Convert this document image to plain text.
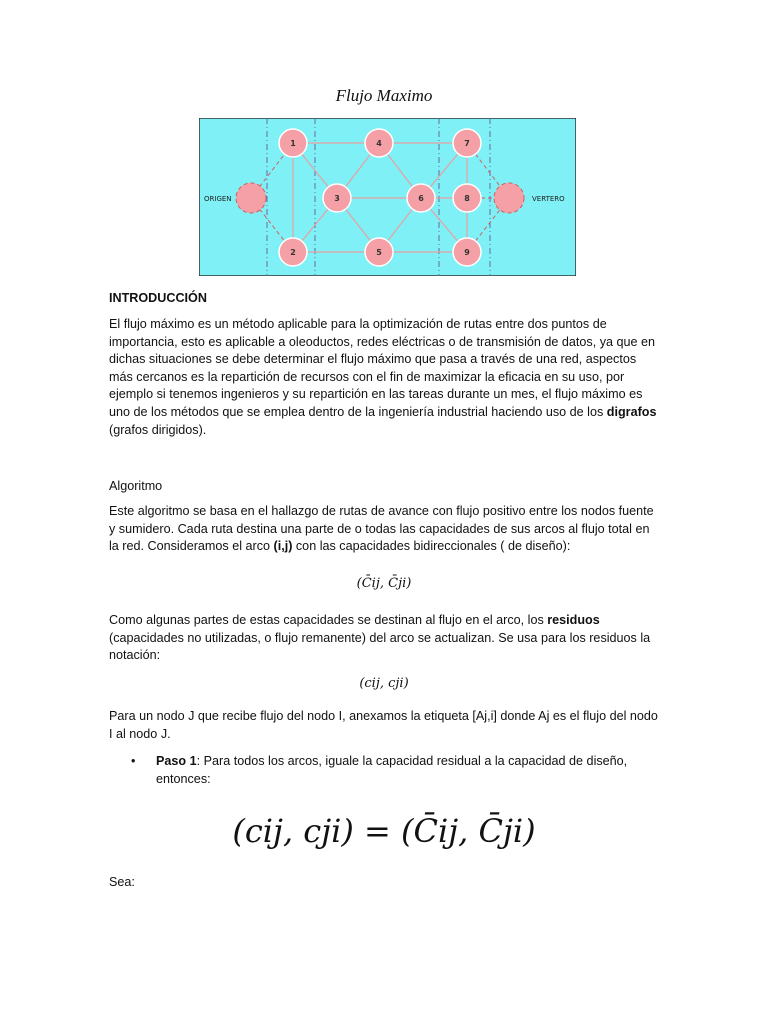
Flujo Maximo
1
2
3
4
5
6
7
8
9
ORIGEN	VERTERO
INTRODUCCIÓN
El flujo máximo es un método aplicable para la optimización de rutas entre dos puntos de importancia, esto es aplicable a oleoductos, redes eléctricas o de transmisión de datos, ya que en dichas situaciones se debe determinar el flujo máximo que pasa a través de una red, aspectos más cercanos es la repartición de recursos con el fin de maximizar la eficacia en su uso, por ejemplo si tenemos ingenieros y su repartición en las tareas durante un mes, el flujo máximo es uno de los métodos que se emplea dentro de la ingeniería industrial haciendo uso de los digrafos (grafos dirigidos).
Algoritmo
Este algoritmo se basa en el hallazgo de rutas de avance con flujo positivo entre los nodos fuente y sumidero. Cada ruta destina una parte de o todas las capacidades de sus arcos al flujo total en la red. Consideramos el arco (i,j) con las capacidades bidireccionales ( de diseño):
(C̄ij, C̄ji)
Como algunas partes de estas capacidades se destinan al flujo en el arco, los residuos (capacidades no utilizadas, o flujo remanente) del arco se actualizan. Se usa para los residuos la notación:
(cij, cji)
Para un nodo J que recibe flujo del nodo I, anexamos la etiqueta [Aj,i] donde Aj es el flujo del nodo I al nodo J.
•	Paso 1: Para todos los arcos, iguale la capacidad residual a la capacidad de diseño, entonces:
(cij, cji) = (C̄ij, C̄ji)
Sea:
